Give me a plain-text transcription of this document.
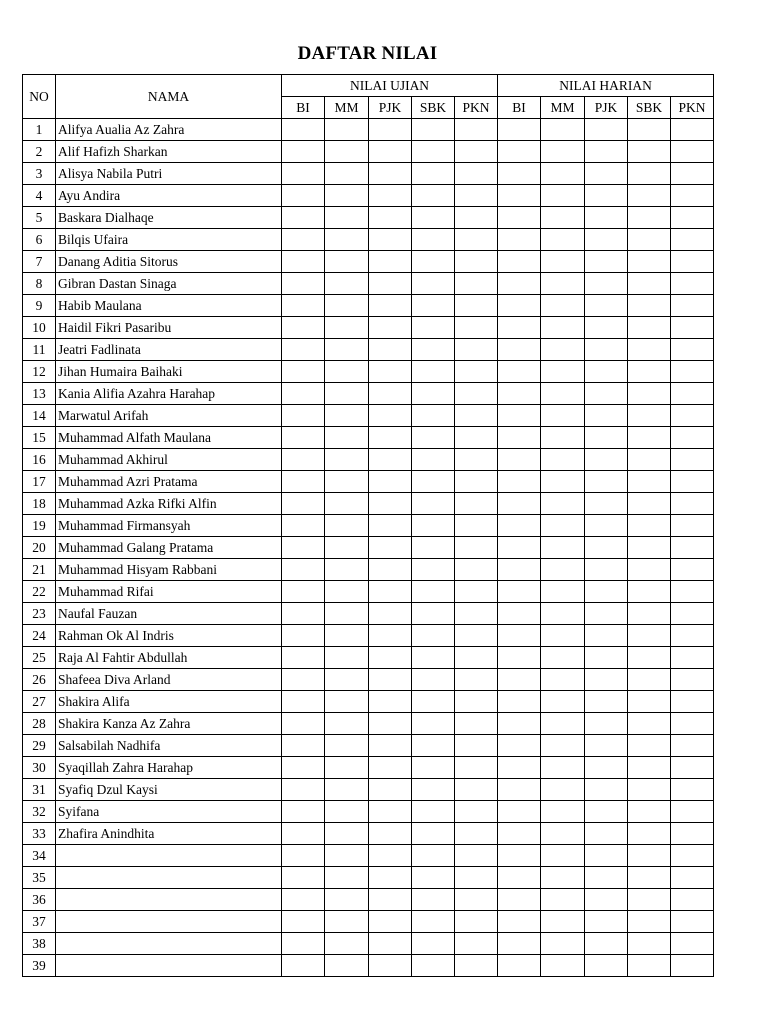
DAFTAR NILAI
NO	NAMA	NILAI UJIAN					NILAI HARIAN				
		BI	MM	PJK	SBK	PKN	BI	MM	PJK	SBK	PKN
1	Alifya Aualia Az Zahra										
2	Alif Hafizh Sharkan										
3	Alisya Nabila Putri										
4	Ayu Andira										
5	Baskara Dialhaqe										
6	Bilqis Ufaira										
7	Danang Aditia Sitorus										
8	Gibran Dastan Sinaga										
9	Habib Maulana										
10	Haidil Fikri Pasaribu										
11	Jeatri Fadlinata										
12	Jihan Humaira Baihaki										
13	Kania Alifia Azahra Harahap										
14	Marwatul Arifah										
15	Muhammad Alfath Maulana										
16	Muhammad Akhirul										
17	Muhammad Azri Pratama										
18	Muhammad Azka Rifki Alfin										
19	Muhammad Firmansyah										
20	Muhammad Galang Pratama										
21	Muhammad Hisyam Rabbani										
22	Muhammad Rifai										
23	Naufal Fauzan										
24	Rahman Ok Al Indris										
25	Raja Al Fahtir Abdullah										
26	Shafeea Diva Arland										
27	Shakira Alifa										
28	Shakira Kanza Az Zahra										
29	Salsabilah Nadhifa										
30	Syaqillah Zahra Harahap										
31	Syafiq Dzul Kaysi										
32	Syifana										
33	Zhafira Anindhita										
34											
35											
36											
37											
38											
39											
